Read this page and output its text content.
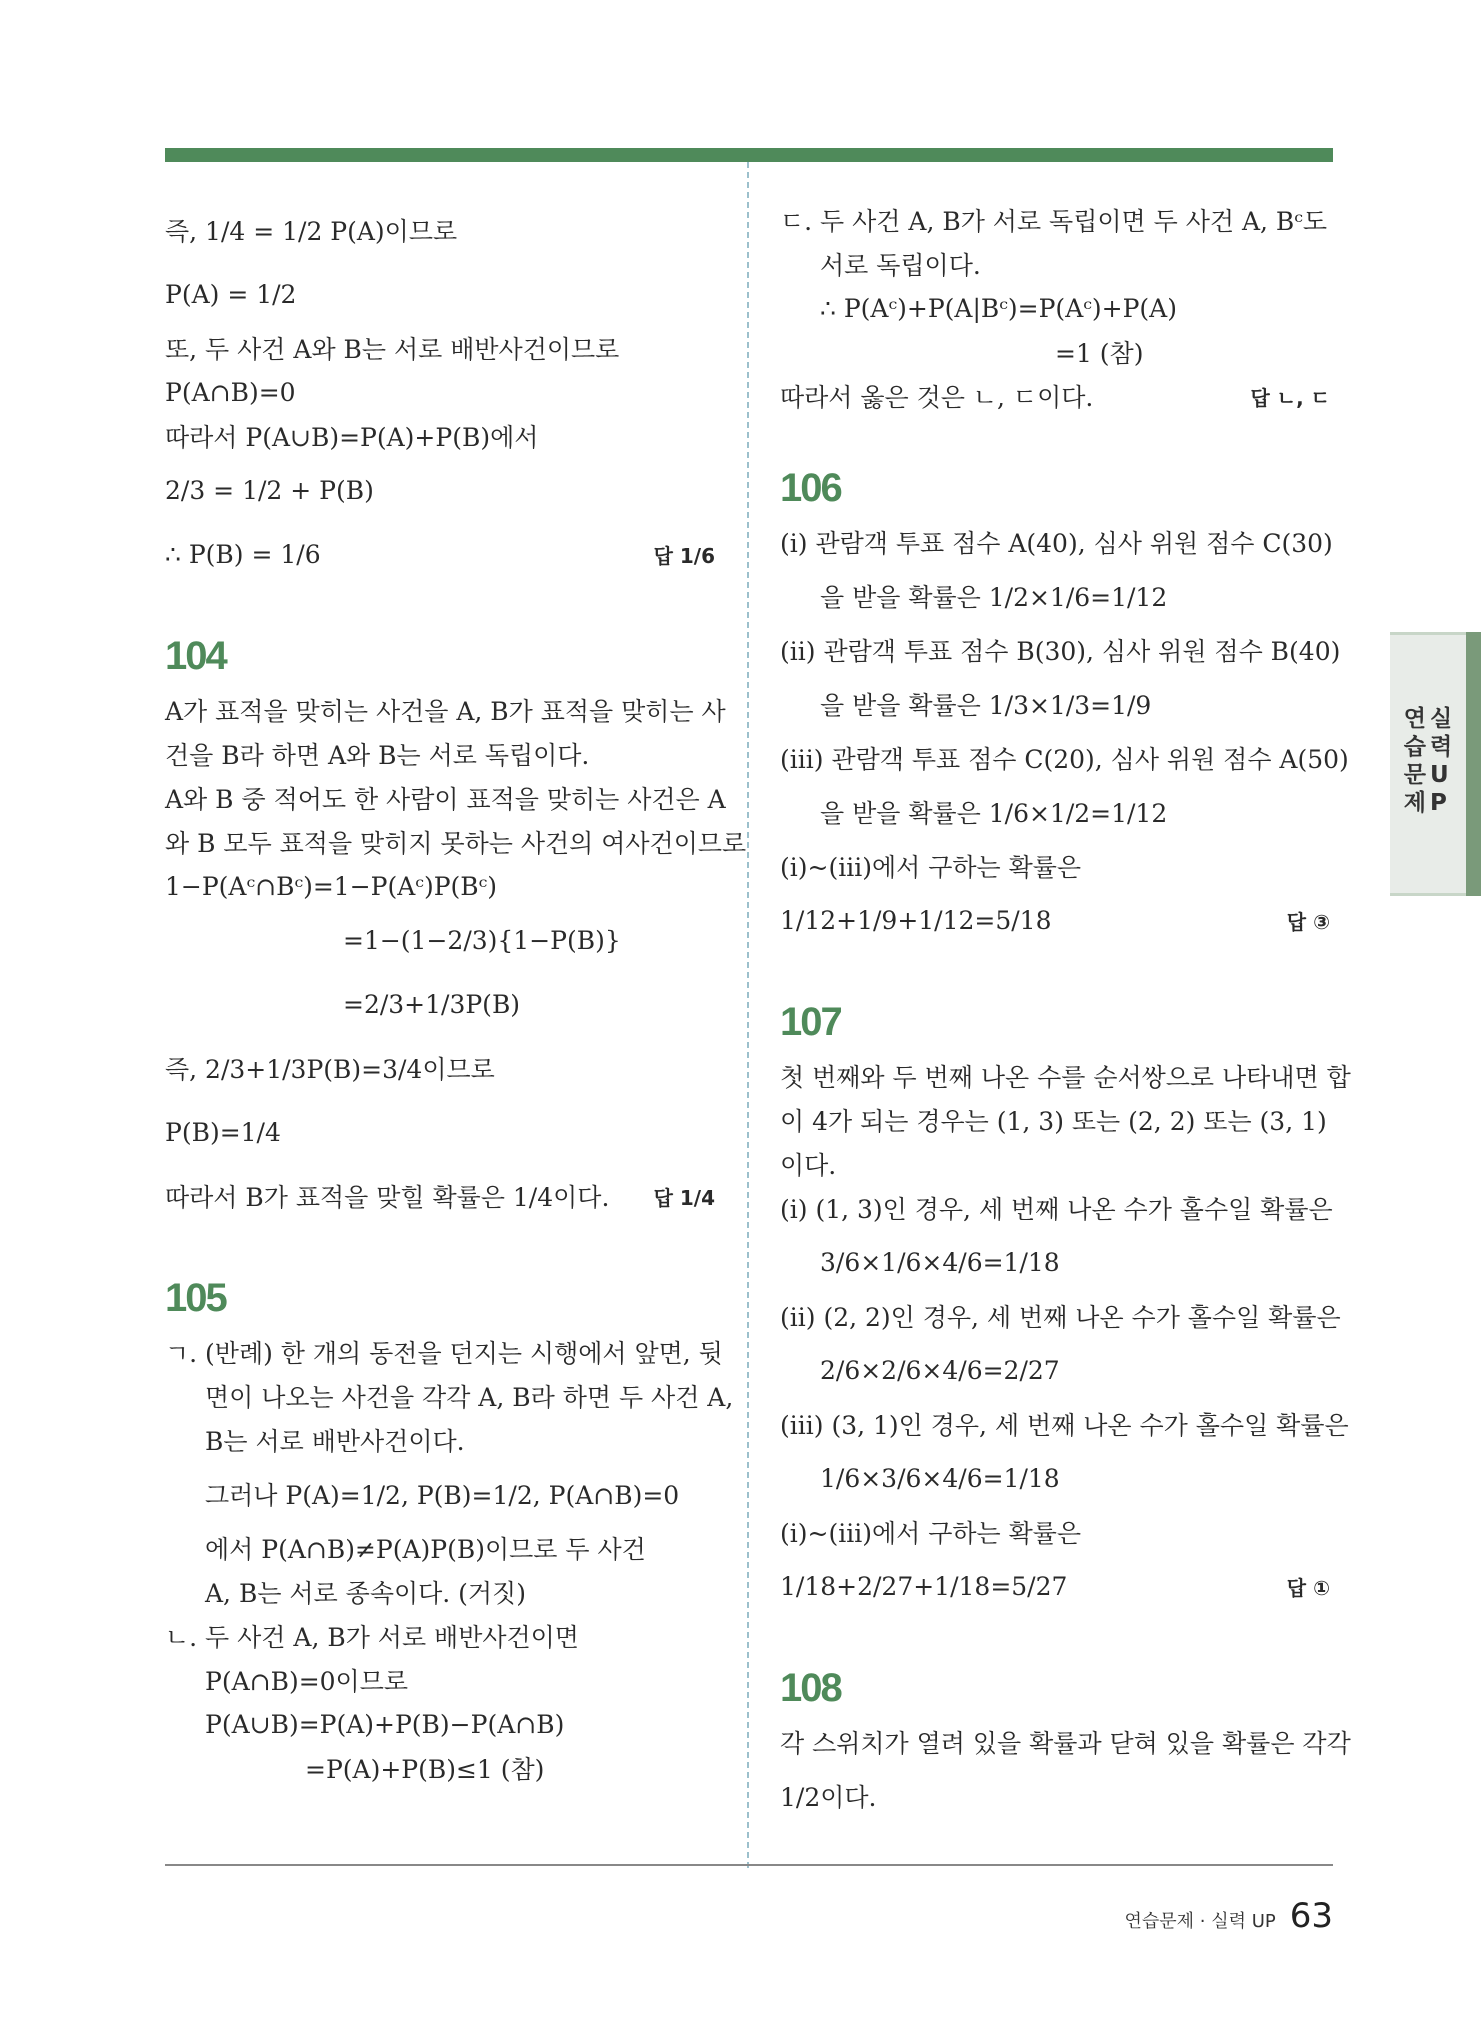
즉, 1/4 = 1/2 P(A)이므로
P(A) = 1/2
또, 두 사건 A와 B는 서로 배반사건이므로
P(A∩B)=0
따라서 P(A∪B)=P(A)+P(B)에서
2/3 = 1/2 + P(B)
∴ P(B) = 1/6	답 1/6
104
A가 표적을 맞히는 사건을 A, B가 표적을 맞히는 사
건을 B라 하면 A와 B는 서로 독립이다.
A와 B 중 적어도 한 사람이 표적을 맞히는 사건은 A
와 B 모두 표적을 맞히지 못하는 사건의 여사건이므로
1−P(Aᶜ∩Bᶜ)=1−P(Aᶜ)P(Bᶜ)
=1−(1−2/3){1−P(B)}
=2/3+1/3P(B)
즉, 2/3+1/3P(B)=3/4이므로
P(B)=1/4
따라서 B가 표적을 맞힐 확률은 1/4이다. 답 1/4
105
ㄱ. (반례) 한 개의 동전을 던지는 시행에서 앞면, 뒷
면이 나오는 사건을 각각 A, B라 하면 두 사건 A,
B는 서로 배반사건이다.
그러나 P(A)=1/2, P(B)=1/2, P(A∩B)=0
에서 P(A∩B)≠P(A)P(B)이므로 두 사건
A, B는 서로 종속이다. (거짓)
ㄴ. 두 사건 A, B가 서로 배반사건이면
P(A∩B)=0이므로
P(A∪B)=P(A)+P(B)−P(A∩B)
=P(A)+P(B)≤1 (참)
ㄷ. 두 사건 A, B가 서로 독립이면 두 사건 A, Bᶜ도
서로 독립이다.
∴ P(Aᶜ)+P(A|Bᶜ)=P(Aᶜ)+P(A)
=1 (참)
따라서 옳은 것은 ㄴ, ㄷ이다.	답 ㄴ, ㄷ
106
(ⅰ) 관람객 투표 점수 A(40), 심사 위원 점수 C(30)
을 받을 확률은 1/2×1/6=1/12
(ⅱ) 관람객 투표 점수 B(30), 심사 위원 점수 B(40)
을 받을 확률은 1/3×1/3=1/9
(ⅲ) 관람객 투표 점수 C(20), 심사 위원 점수 A(50)
을 받을 확률은 1/6×1/2=1/12
(ⅰ)~(ⅲ)에서 구하는 확률은
1/12+1/9+1/12=5/18	답 ③
107
첫 번째와 두 번째 나온 수를 순서쌍으로 나타내면 합
이 4가 되는 경우는 (1, 3) 또는 (2, 2) 또는 (3, 1)
이다.
(ⅰ) (1, 3)인 경우, 세 번째 나온 수가 홀수일 확률은
3/6×1/6×4/6=1/18
(ⅱ) (2, 2)인 경우, 세 번째 나온 수가 홀수일 확률은
2/6×2/6×4/6=2/27
(ⅲ) (3, 1)인 경우, 세 번째 나온 수가 홀수일 확률은
1/6×3/6×4/6=1/18
(ⅰ)~(ⅲ)에서 구하는 확률은
1/18+2/27+1/18=5/27	답 ①
108
각 스위치가 열려 있을 확률과 닫혀 있을 확률은 각각
1/2이다.
연
습
문
제
실
력
U
P
연습문제 · 실력 UP 63
